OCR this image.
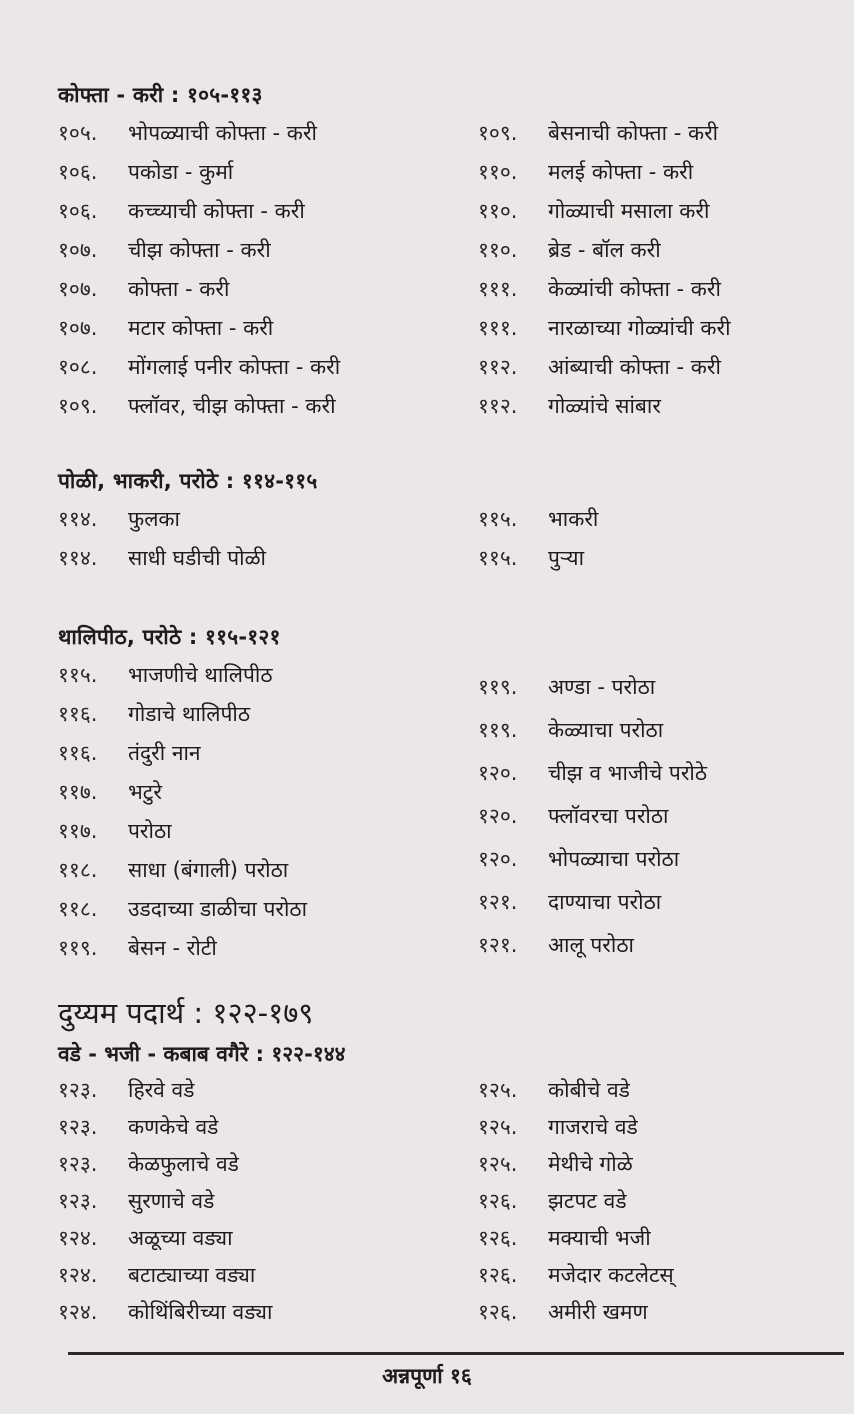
कोफ्ता - करी : १०५-११३
१०५.	भोपळ्याची कोफ्ता - करी
१०६.	पकोडा - कुर्मा
१०६.	कच्च्याची कोफ्ता - करी
१०७.	चीझ कोफ्ता - करी
१०७.	कोफ्ता - करी
१०७.	मटार कोफ्ता - करी
१०८.	मोंगलाई पनीर कोफ्ता - करी
१०९.	फ्लॉवर, चीझ कोफ्ता - करी
१०९.	बेसनाची कोफ्ता - करी
११०.	मलई कोफ्ता - करी
११०.	गोळ्याची मसाला करी
११०.	ब्रेड - बॉल करी
१११.	केळ्यांची कोफ्ता - करी
१११.	नारळाच्या गोळ्यांची करी
११२.	आंब्याची कोफ्ता - करी
११२.	गोळ्यांचे सांबार
पोळी, भाकरी, परोठे : ११४-११५
११४.	फुलका
११४.	साधी घडीची पोळी
११५.	भाकरी
११५.	पुऱ्या
थालिपीठ, परोठे : ११५-१२१
११५.	भाजणीचे थालिपीठ
११६.	गोडाचे थालिपीठ
११६.	तंदुरी नान
११७.	भटुरे
११७.	परोठा
११८.	साधा (बंगाली) परोठा
११८.	उडदाच्या डाळीचा परोठा
११९.	बेसन - रोटी
११९.	अण्डा - परोठा
११९.	केळ्याचा परोठा
१२०.	चीझ व भाजीचे परोठे
१२०.	फ्लॉवरचा परोठा
१२०.	भोपळ्याचा परोठा
१२१.	दाण्याचा परोठा
१२१.	आलू परोठा
दुय्यम पदार्थ : १२२-१७९
वडे - भजी - कबाब वगैरे : १२२-१४४
१२३.	हिरवे वडे
१२३.	कणकेचे वडे
१२३.	केळफुलाचे वडे
१२३.	सुरणाचे वडे
१२४.	अळूच्या वड्या
१२४.	बटाट्याच्या वड्या
१२४.	कोथिंबिरीच्या वड्या
१२५.	कोबीचे वडे
१२५.	गाजराचे वडे
१२५.	मेथीचे गोळे
१२६.	झटपट वडे
१२६.	मक्याची भजी
१२६.	मजेदार कटलेटस्
१२६.	अमीरी खमण
अन्नपूर्णा १६
